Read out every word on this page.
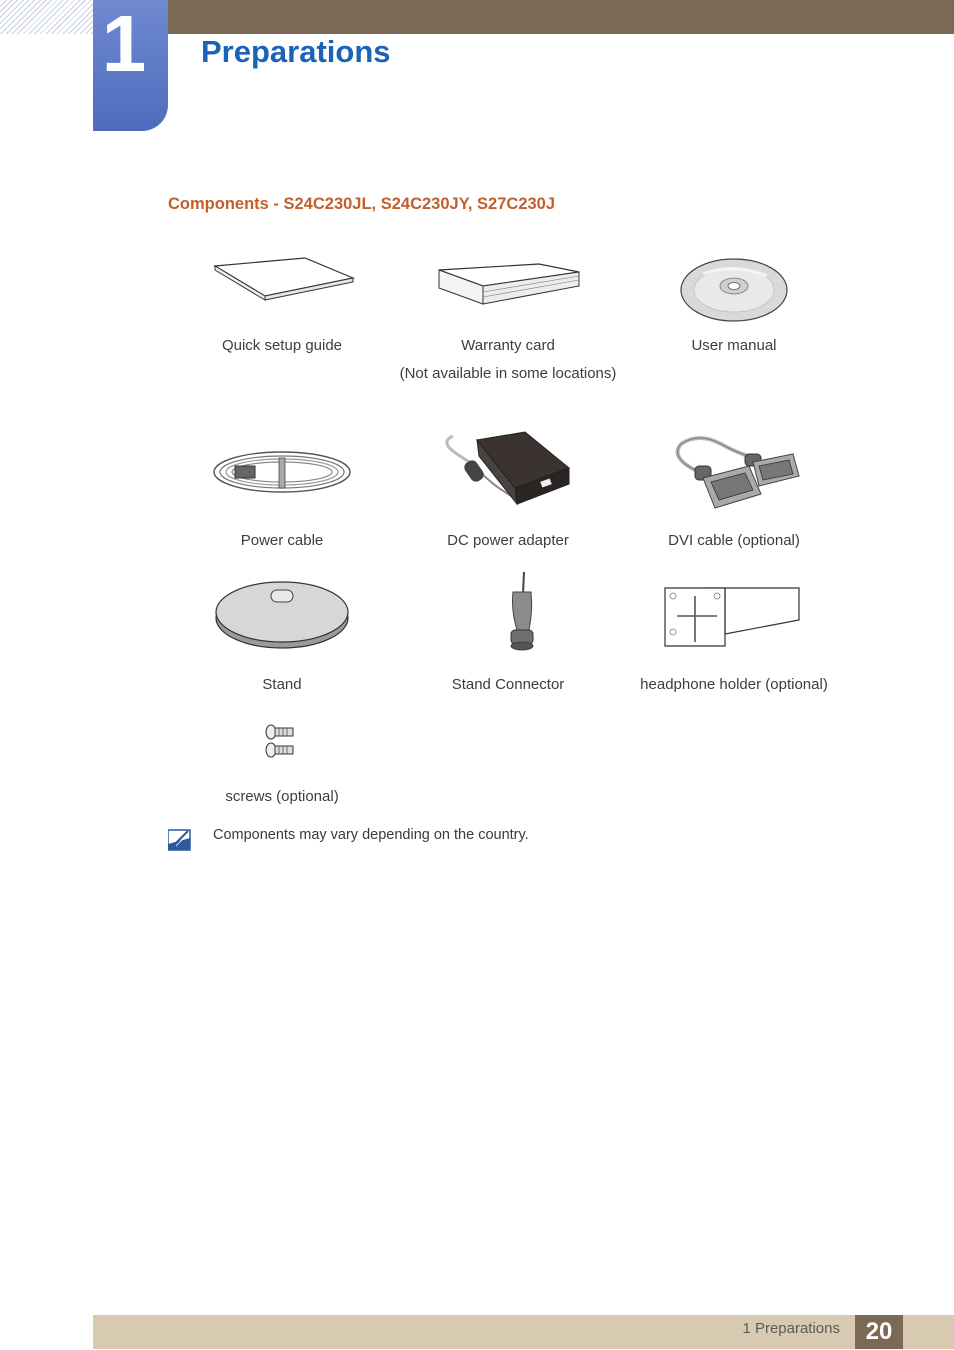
1 Preparations
Components - S24C230JL, S24C230JY, S27C230J
Quick setup guide	Warranty card
(Not available in some locations)
User manual
Power cable	DC power adapter	DVI cable (optional)
Stand	Stand Connector	headphone holder (optional)
screws (optional)
Components may vary depending on the country.
1 Preparations	20
